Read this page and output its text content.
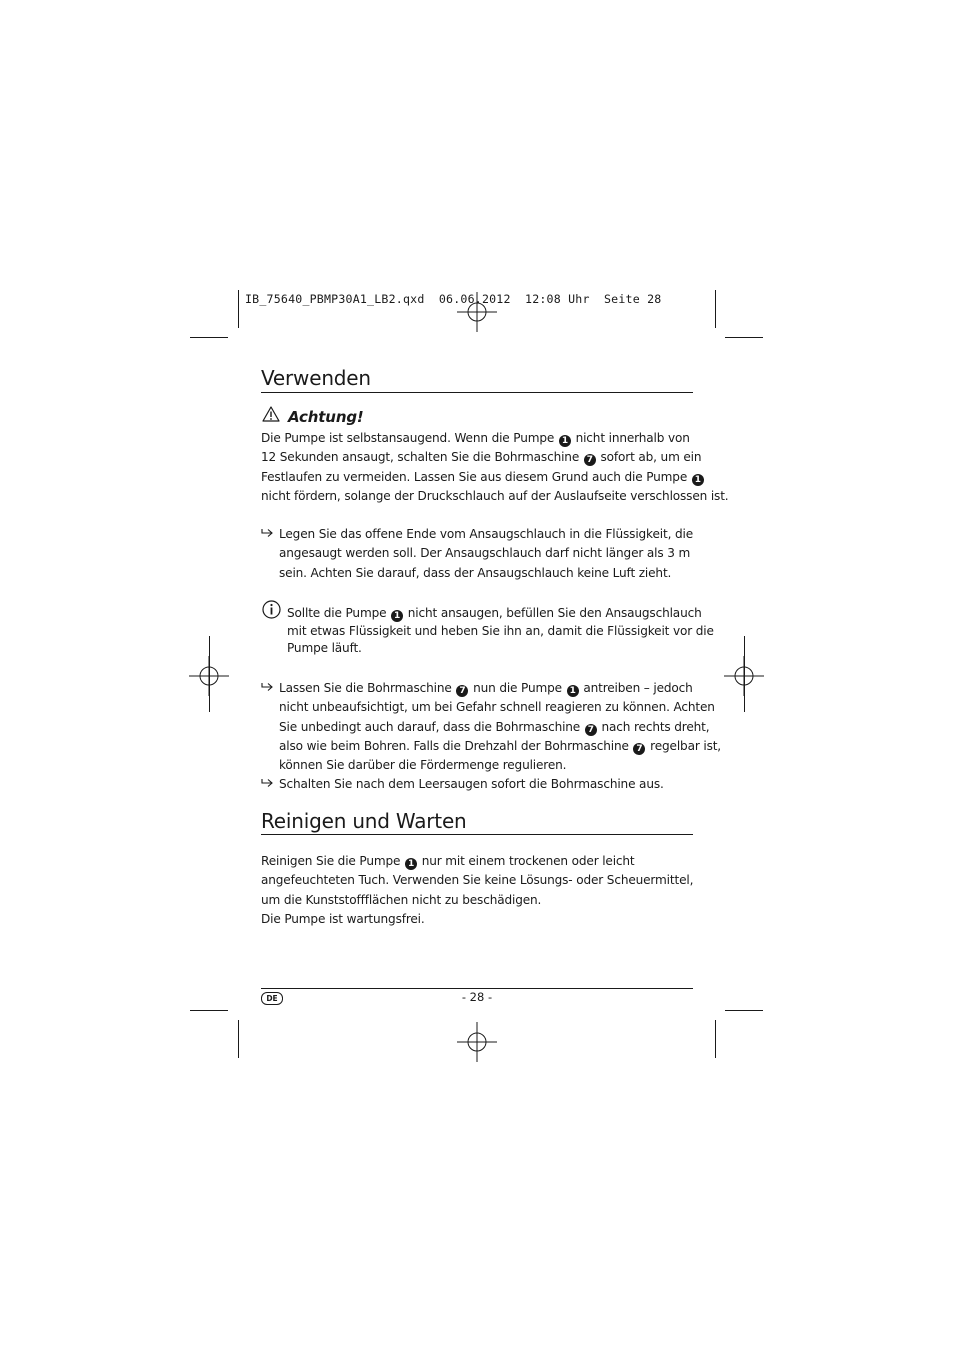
IB_75640_PBMP30A1_LB2.qxd  06.06.2012  12:08 Uhr  Seite 28
Verwenden
Achtung!
Die Pumpe ist selbstansaugend. Wenn die Pumpe 1 nicht innerhalb von
12 Sekunden ansaugt, schalten Sie die Bohrmaschine 7 sofort ab, um ein
Festlaufen zu vermeiden. Lassen Sie aus diesem Grund auch die Pumpe 1
nicht fördern, solange der Druckschlauch auf der Auslaufseite verschlossen ist.
Legen Sie das offene Ende vom Ansaugschlauch in die Flüssigkeit, die
angesaugt werden soll. Der Ansaugschlauch darf nicht länger als 3 m
sein. Achten Sie darauf, dass der Ansaugschlauch keine Luft zieht.
Sollte die Pumpe 1 nicht ansaugen, befüllen Sie den Ansaugschlauch
mit etwas Flüssigkeit und heben Sie ihn an, damit die Flüssigkeit vor die
Pumpe läuft.
Lassen Sie die Bohrmaschine 7 nun die Pumpe 1 antreiben – jedoch
nicht unbeaufsichtigt, um bei Gefahr schnell reagieren zu können. Achten
Sie unbedingt auch darauf, dass die Bohrmaschine 7 nach rechts dreht,
also wie beim Bohren. Falls die Drehzahl der Bohrmaschine 7 regelbar ist,
können Sie darüber die Fördermenge regulieren.
Schalten Sie nach dem Leersaugen sofort die Bohrmaschine aus.
Reinigen und Warten
Reinigen Sie die Pumpe 1 nur mit einem trockenen oder leicht
angefeuchteten Tuch. Verwenden Sie keine Lösungs- oder Scheuermittel,
um die Kunststoffflächen nicht zu beschädigen.
Die Pumpe ist wartungsfrei.
DE	- 28 -
